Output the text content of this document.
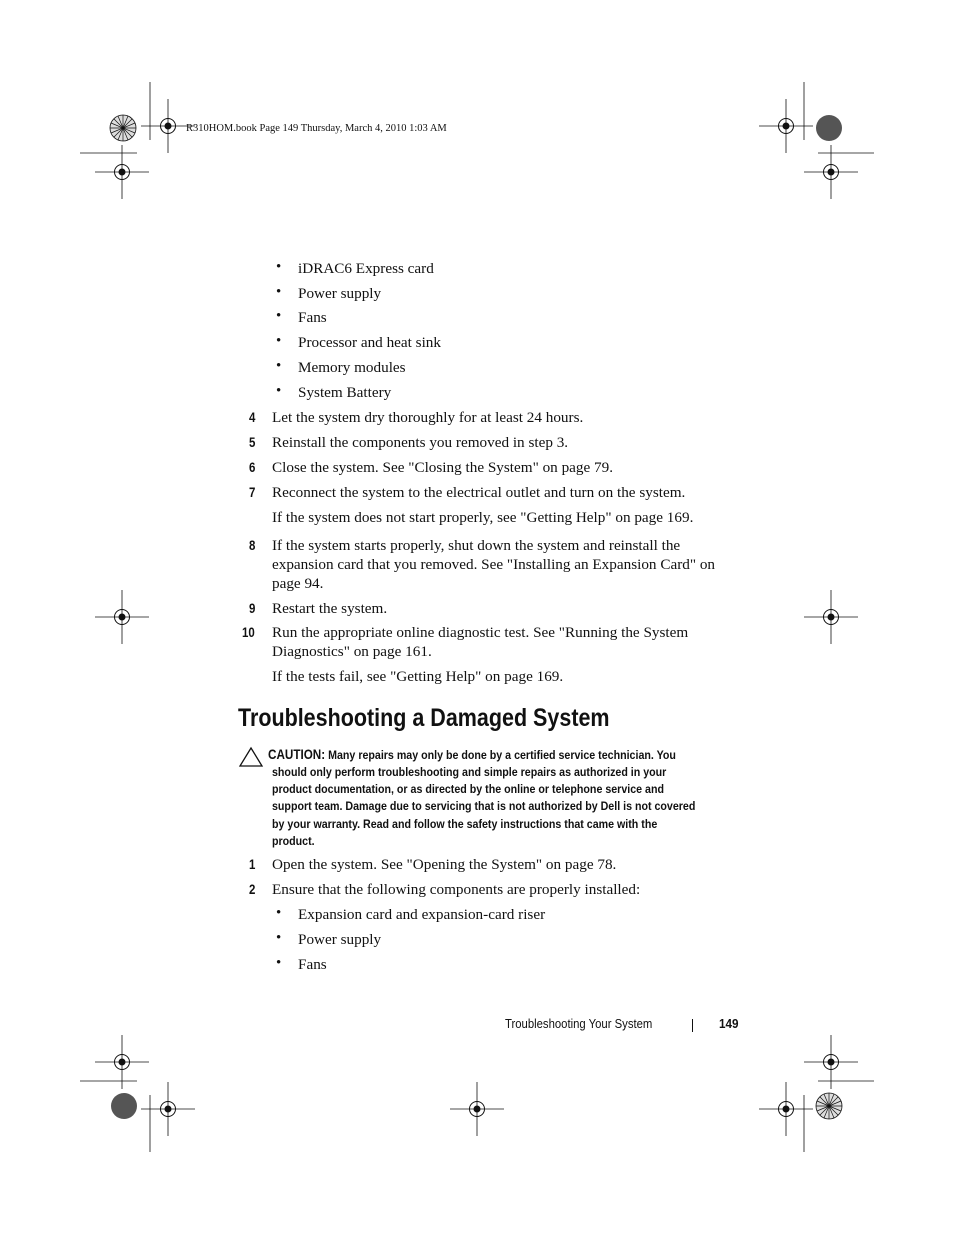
R310HOM.book Page 149 Thursday, March 4, 2010 1:03 AM
• iDRAC6 Express card
• Power supply
• Fans
• Processor and heat sink
• Memory modules
• System Battery
4 Let the system dry thoroughly for at least 24 hours.
5 Reinstall the components you removed in step 3.
6 Close the system. See "Closing the System" on page 79.
7 Reconnect the system to the electrical outlet and turn on the system.
If the system does not start properly, see "Getting Help" on page 169.
8 If the system starts properly, shut down the system and reinstall the
expansion card that you removed. See "Installing an Expansion Card" on
page 94.
9 Restart the system.
10 Run the appropriate online diagnostic test. See "Running the System
Diagnostics" on page 161.
If the tests fail, see "Getting Help" on page 169.
Troubleshooting a Damaged System
CAUTION: Many repairs may only be done by a certified service technician. You
should only perform troubleshooting and simple repairs as authorized in your
product documentation, or as directed by the online or telephone service and
support team. Damage due to servicing that is not authorized by Dell is not covered
by your warranty. Read and follow the safety instructions that came with the
product.
1 Open the system. See "Opening the System" on page 78.
2 Ensure that the following components are properly installed:
• Expansion card and expansion-card riser
• Power supply
• Fans
Troubleshooting Your System	149
